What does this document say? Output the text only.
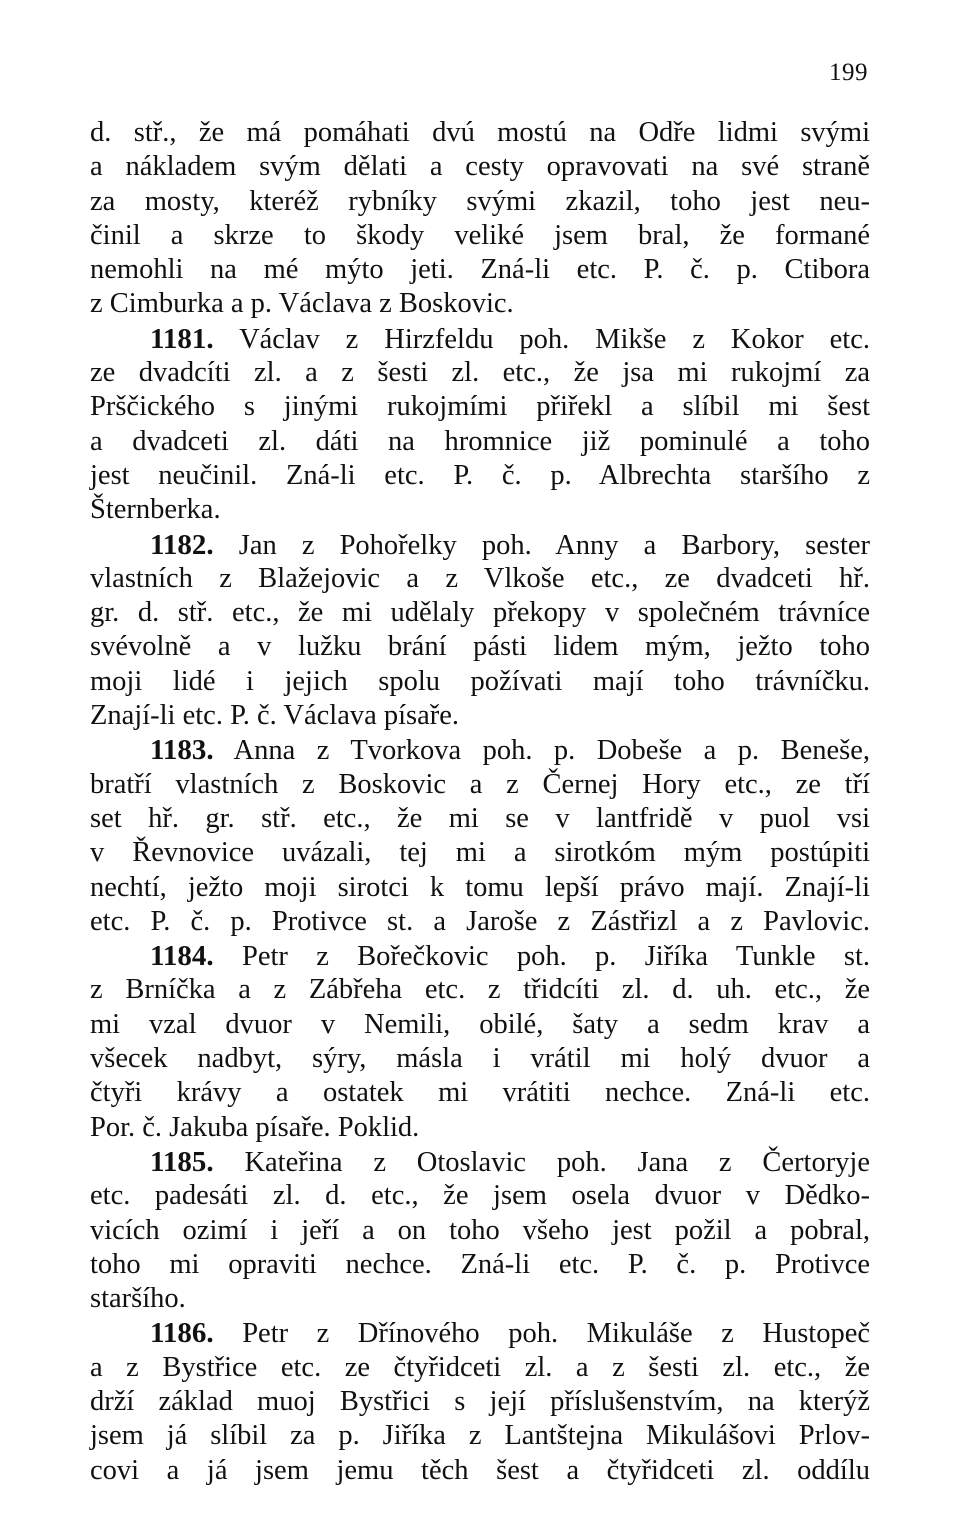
199
d. stř., že má pomáhati dvú mostú na Odře lidmi svými
a nákladem svým dělati a cesty opravovati na své straně
za mosty, kteréž rybníky svými zkazil, toho jest neu-
činil a skrze to škody veliké jsem bral, že formané
nemohli na mé mýto jeti. Zná-li etc. P. č. p. Ctibora
z Cimburka a p. Václava z Boskovic.
1181. Václav z Hirzfeldu poh. Mikše z Kokor etc.
ze dvadcíti zl. a z šesti zl. etc., že jsa mi rukojmí za
Prščického s jinými rukojmími přiřekl a slíbil mi šest
a dvadceti zl. dáti na hromnice již pominulé a toho
jest neučinil. Zná-li etc. P. č. p. Albrechta staršího z
Šternberka.
1182. Jan z Pohořelky poh. Anny a Barbory, sester
vlastních z Blažejovic a z Vlkoše etc., ze dvadceti hř.
gr. d. stř. etc., že mi udělaly překopy v společném trávníce
svévolně a v lužku brání pásti lidem mým, ježto toho
moji lidé i jejich spolu požívati mají toho trávníčku.
Znají-li etc. P. č. Václava písaře.
1183. Anna z Tvorkova poh. p. Dobeše a p. Beneše,
bratří vlastních z Boskovic a z Černej Hory etc., ze tří
set hř. gr. stř. etc., že mi se v lantfridě v puol vsi
v Řevnovice uvázali, tej mi a sirotkóm mým postúpiti
nechtí, ježto moji sirotci k tomu lepší právo mají. Znají-li
etc. P. č. p. Protivce st. a Jaroše z Zástřizl a z Pavlovic.
1184. Petr z Bořečkovic poh. p. Jiříka Tunkle st.
z Brníčka a z Zábřeha etc. z třidcíti zl. d. uh. etc., že
mi vzal dvuor v Nemili, obilé, šaty a sedm krav a
všecek nadbyt, sýry, másla i vrátil mi holý dvuor a
čtyři krávy a ostatek mi vrátiti nechce. Zná-li etc.
Por. č. Jakuba písaře. Poklid.
1185. Kateřina z Otoslavic poh. Jana z Čertoryje
etc. padesáti zl. d. etc., že jsem osela dvuor v Dědko-
vicích ozimí i jeří a on toho všeho jest požil a pobral,
toho mi opraviti nechce. Zná-li etc. P. č. p. Protivce
staršího.
1186. Petr z Dřínového poh. Mikuláše z Hustopeč
a z Bystřice etc. ze čtyřidceti zl. a z šesti zl. etc., že
drží základ muoj Bystřici s její příslušenstvím, na kterýž
jsem já slíbil za p. Jiříka z Lantštejna Mikulášovi Prlov-
covi a já jsem jemu těch šest a čtyřidceti zl. oddílu
